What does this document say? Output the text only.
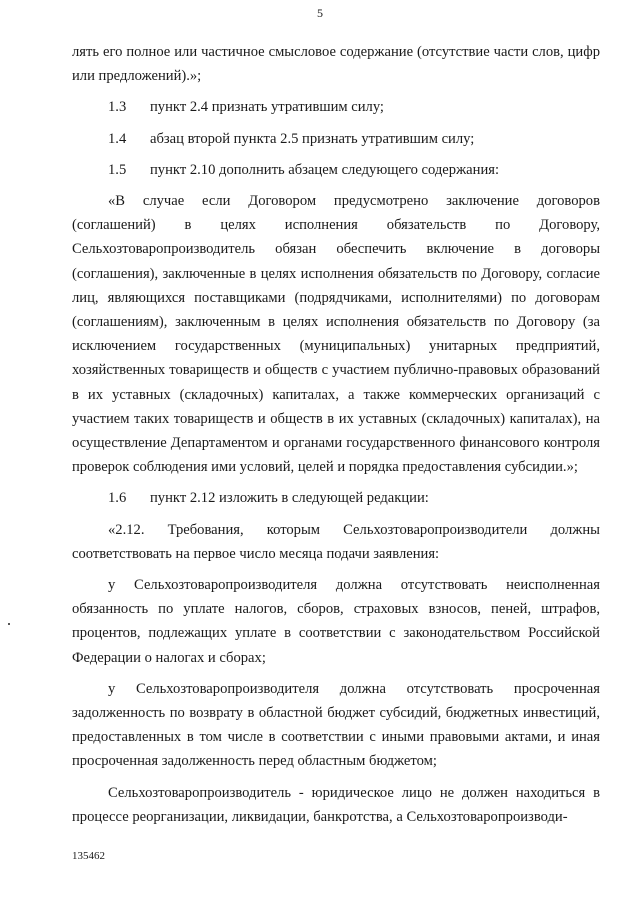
5

лять его полное или частичное смысловое содержание (отсутствие части слов, цифр или предложений).»;

1.3 пункт 2.4 признать утратившим силу;

1.4 абзац второй пункта 2.5 признать утратившим силу;

1.5 пункт 2.10 дополнить абзацем следующего содержания:

«В случае если Договором предусмотрено заключение договоров (соглашений) в целях исполнения обязательств по Договору, Сельхозтоваропроизводитель обязан обеспечить включение в договоры (соглашения), заключенные в целях исполнения обязательств по Договору, согласие лиц, являющихся поставщиками (подрядчиками, исполнителями) по договорам (соглашениям), заключенным в целях исполнения обязательств по Договору (за исключением государственных (муниципальных) унитарных предприятий, хозяйственных товариществ и обществ с участием публично-правовых образований в их уставных (складочных) капиталах, а также коммерческих организаций с участием таких товариществ и обществ в их уставных (складочных) капиталах), на осуществление Департаментом и органами государственного финансового контроля проверок соблюдения ими условий, целей и порядка предоставления субсидии.»;

1.6 пункт 2.12 изложить в следующей редакции:

«2.12. Требования, которым Сельхозтоваропроизводители должны соответствовать на первое число месяца подачи заявления:

у Сельхозтоваропроизводителя должна отсутствовать неисполненная обязанность по уплате налогов, сборов, страховых взносов, пеней, штрафов, процентов, подлежащих уплате в соответствии с законодательством Российской Федерации о налогах и сборах;

у Сельхозтоваропроизводителя должна отсутствовать просроченная задолженность по возврату в областной бюджет субсидий, бюджетных инвестиций, предоставленных в том числе в соответствии с иными правовыми актами, и иная просроченная задолженность перед областным бюджетом;

Сельхозтоваропроизводитель - юридическое лицо не должен находиться в процессе реорганизации, ликвидации, банкротства, а Сельхозтоваропроизводи-

135462
